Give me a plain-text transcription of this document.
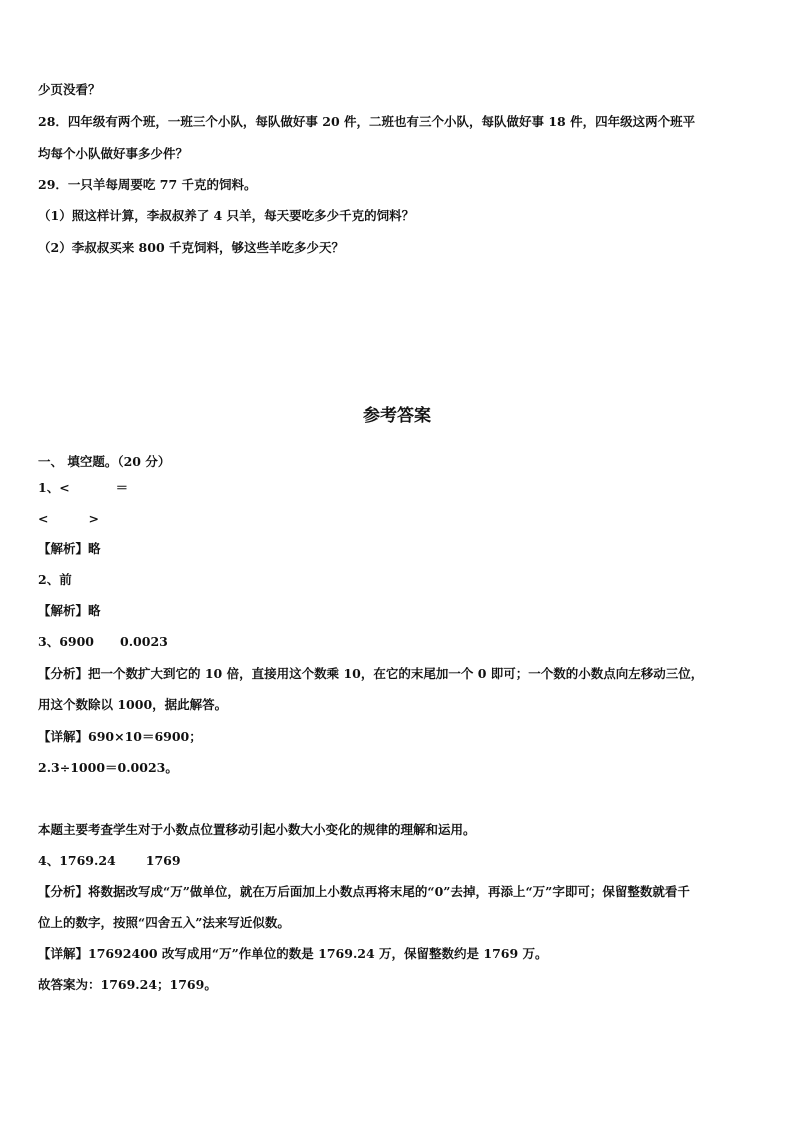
少页没看？
28．四年级有两个班，一班三个小队，每队做好事 20 件，二班也有三个小队，每队做好事 18 件，四年级这两个班平
均每个小队做好事多少件？
29．一只羊每周要吃 77 千克的饲料。
（1）照这样计算，李叔叔养了 4 只羊，每天要吃多少千克的饲料？
（2）李叔叔买来 800 千克饲料，够这些羊吃多少天？
参考答案
一、 填空题。（20 分）
1、<	＝
<	>
【解析】略
2、前
【解析】略
3、6900 0.0023
【分析】把一个数扩大到它的 10 倍，直接用这个数乘 10，在它的末尾加一个 0 即可；一个数的小数点向左移动三位，
用这个数除以 1000，据此解答。
【详解】690×10＝6900；
2.3÷1000＝0.0023。
本题主要考查学生对于小数点位置移动引起小数大小变化的规律的理解和运用。
4、1769.24 1769
【分析】将数据改写成“万”做单位，就在万后面加上小数点再将末尾的“0”去掉，再添上“万”字即可；保留整数就看千
位上的数字，按照“四舍五入”法来写近似数。
【详解】17692400 改写成用“万”作单位的数是 1769.24 万，保留整数约是 1769 万。
故答案为：1769.24；1769。
